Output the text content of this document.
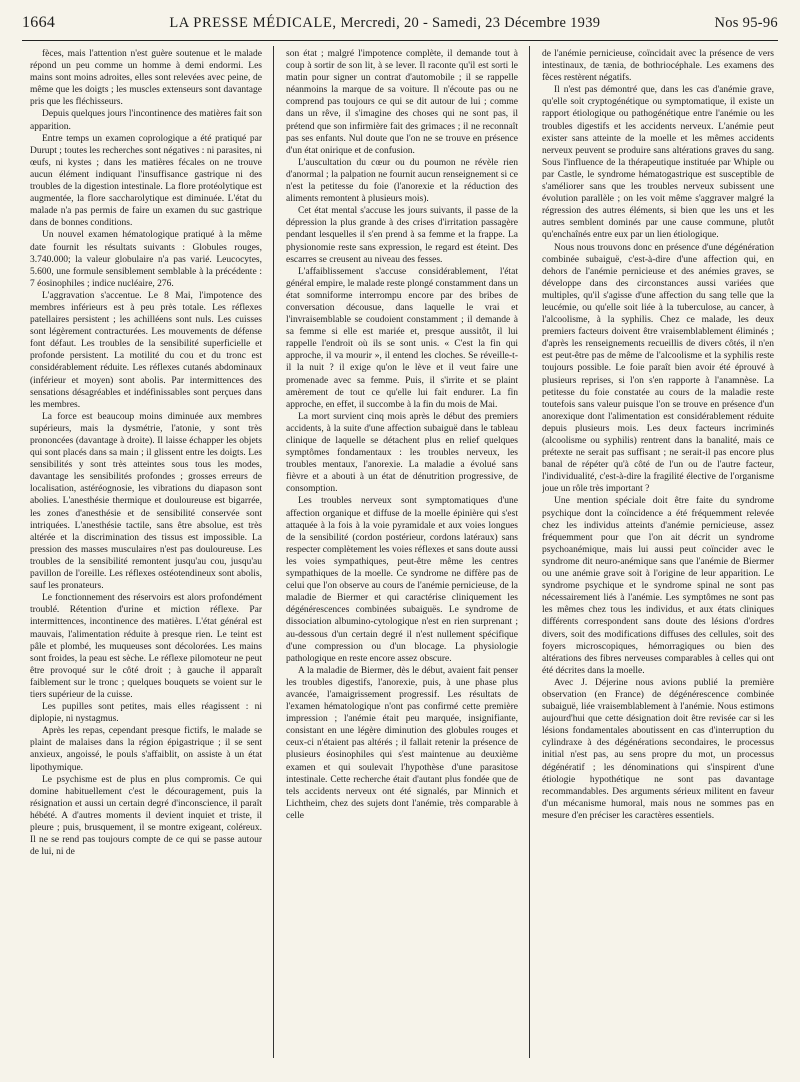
1664	LA PRESSE MÉDICALE, Mercredi, 20 - Samedi, 23 Décembre 1939	Nos 95-96

fèces, mais l'attention n'est guère soutenue et le malade répond un peu comme un homme à demi endormi. Les mains sont moins adroites, elles sont relevées avec peine, de même que les doigts ; les muscles extenseurs sont davantage pris que les fléchisseurs.

Depuis quelques jours l'incontinence des matières fait son apparition.

Entre temps un examen coprologique a été pratiqué par Durupt ; toutes les recherches sont négatives : ni parasites, ni œufs, ni kystes ; dans les matières fécales on ne trouve aucun élément indiquant l'insuffisance gastrique ni des troubles de la digestion intestinale. La flore protéolytique est augmentée, la flore saccharolytique est diminuée. L'état du malade n'a pas permis de faire un examen du suc gastrique dans de bonnes conditions.

Un nouvel examen hématologique pratiqué à la même date fournit les résultats suivants : Globules rouges, 3.740.000; la valeur globulaire n'a pas varié. Leucocytes, 5.600, une formule sensiblement semblable à la précédente : 7 éosinophiles ; indice nucléaire, 276.

L'aggravation s'accentue. Le 8 Mai, l'impotence des membres inférieurs est à peu près totale. Les réflexes patellaires persistent ; les achilléens sont nuls. Les cuisses sont légèrement contracturées. Les mouvements de défense font défaut. Les troubles de la sensibilité superficielle et profonde persistent. La motilité du cou et du tronc est considérablement réduite. Les réflexes cutanés abdominaux (inférieur et moyen) sont abolis. Par intermittences des sensations désagréables et indéfinissables sont perçues dans les membres.

La force est beaucoup moins diminuée aux membres supérieurs, mais la dysmétrie, l'atonie, y sont très prononcées (davantage à droite). Il laisse échapper les objets qui sont placés dans sa main ; il glissent entre les doigts. Les sensibilités y sont très atteintes sous tous les modes, davantage les sensibilités profondes ; grosses erreurs de localisation, astéréognosie, les vibrations du diapason sont abolies. L'anesthésie thermique et douloureuse est bigarrée, les zones d'anesthésie et de sensibilité conservée sont intriquées. L'anesthésie tactile, sans être absolue, est très altérée et la discrimination des tissus est impossible. La pression des masses musculaires n'est pas douloureuse. Les troubles de la sensibilité remontent jusqu'au cou, jusqu'au pavillon de l'oreille. Les réflexes ostéotendineux sont abolis, sauf les pronateurs.

Le fonctionnement des réservoirs est alors profondément troublé. Rétention d'urine et miction réflexe. Par intermittences, incontinence des matières. L'état général est mauvais, l'alimentation réduite à presque rien. Le teint est pâle et plombé, les muqueuses sont décolorées. Les mains sont froides, la peau est sèche. Le réflexe pilomoteur ne peut être provoqué sur le côté droit ; à gauche il apparaît faiblement sur le tronc ; quelques bouquets se voient sur le tiers supérieur de la cuisse.

Les pupilles sont petites, mais elles réagissent : ni diplopie, ni nystagmus.

Après les repas, cependant presque fictifs, le malade se plaint de malaises dans la région épigastrique ; il se sent anxieux, angoissé, le pouls s'affaiblit, on assiste à un état lipothymique.

Le psychisme est de plus en plus compromis. Ce qui domine habituellement c'est le découragement, puis la résignation et aussi un certain degré d'inconscience, il paraît hébété. A d'autres moments il devient inquiet et triste, il pleure ; puis, brusquement, il se montre exigeant, coléreux. Il ne se rend pas toujours compte de ce qui se passe autour de lui, ni de

son état ; malgré l'impotence complète, il demande tout à coup à sortir de son lit, à se lever. Il raconte qu'il est sorti le matin pour signer un contrat d'automobile ; il se rappelle néanmoins la marque de sa voiture. Il n'écoute pas ou ne comprend pas toujours ce qui se dit autour de lui ; comme dans un rêve, il s'imagine des choses qui ne sont pas, il prétend que son infirmière fait des grimaces ; il ne reconnaît pas ses enfants. Nul doute que l'on ne se trouve en présence d'un état onirique et de confusion.

L'auscultation du cœur ou du poumon ne révèle rien d'anormal ; la palpation ne fournit aucun renseignement si ce n'est la petitesse du foie (l'anorexie et la réduction des aliments remontent à plusieurs mois).

Cet état mental s'accuse les jours suivants, il passe de la dépression la plus grande à des crises d'irritation passagère pendant lesquelles il s'en prend à sa femme et la frappe. La physionomie reste sans expression, le regard est éteint. Des escarres se creusent au niveau des fesses.

L'affaiblissement s'accuse considérablement, l'état général empire, le malade reste plongé constamment dans un état somniforme interrompu encore par des bribes de conversation décousue, dans laquelle le vrai et l'invraisemblable se coudoient constamment ; il demande à sa femme si elle est mariée et, presque aussitôt, il lui rappelle l'endroit où ils se sont unis. « C'est la fin qui approche, il va mourir », il entend les cloches. Se réveille-t-il la nuit ? il exige qu'on le lève et il veut faire une promenade avec sa femme. Puis, il s'irrite et se plaint amèrement de tout ce qu'elle lui fait endurer. La fin approche, en effet, il succombe à la fin du mois de Mai.

La mort survient cinq mois après le début des premiers accidents, à la suite d'une affection subaiguë dans le tableau clinique de laquelle se détachent plus en relief quelques symptômes fondamentaux : les troubles nerveux, les troubles mentaux, l'anorexie. La maladie a évolué sans fièvre et a abouti à un état de dénutrition progressive, de consomption.

Les troubles nerveux sont symptomatiques d'une affection organique et diffuse de la moelle épinière qui s'est attaquée à la fois à la voie pyramidale et aux voies longues de la sensibilité (cordon postérieur, cordons latéraux) sans respecter complètement les voies réflexes et sans doute aussi les voies sympathiques, peut-être même les centres sympathiques de la moelle. Ce syndrome ne diffère pas de celui que l'on observe au cours de l'anémie pernicieuse, de la maladie de Biermer et qui caractérise cliniquement les dégénérescences combinées subaiguës. Le syndrome de dissociation albumino-cytologique n'est en rien surprenant ; au-dessous d'un certain degré il n'est nullement spécifique d'une compression ou d'un blocage. La physiologie pathologique en reste encore assez obscure.

A la maladie de Biermer, dès le début, avaient fait penser les troubles digestifs, l'anorexie, puis, à une phase plus avancée, l'amaigrissement progressif. Les résultats de l'examen hématologique n'ont pas confirmé cette première impression ; l'anémie était peu marquée, insignifiante, consistant en une légère diminution des globules rouges et ceux-ci n'étaient pas altérés ; il fallait retenir la présence de plusieurs éosinophiles qui s'est maintenue au deuxième examen et qui soulevait l'hypothèse d'une parasitose intestinale. Cette recherche était d'autant plus fondée que de tels accidents nerveux ont été signalés, par Minnich et Lichtheim, chez des sujets dont l'anémie, très comparable à celle

de l'anémie pernicieuse, coïncidait avec la présence de vers intestinaux, de tænia, de bothriocéphale. Les examens des fèces restèrent négatifs.

Il n'est pas démontré que, dans les cas d'anémie grave, qu'elle soit cryptogénétique ou symptomatique, il existe un rapport étiologique ou pathogénétique entre l'anémie ou les troubles digestifs et les accidents nerveux. L'anémie peut exister sans atteinte de la moelle et les mêmes accidents nerveux peuvent se produire sans altérations graves du sang. Sous l'influence de la thérapeutique instituée par Whiple ou par Castle, le syndrome hématogastrique est susceptible de s'améliorer sans que les troubles nerveux subissent une évolution parallèle ; on les voit même s'aggraver malgré la régression des autres éléments, si bien que les uns et les autres semblent dominés par une cause commune, plutôt qu'enchaînés entre eux par un lien étiologique.

Nous nous trouvons donc en présence d'une dégénération combinée subaiguë, c'est-à-dire d'une affection qui, en dehors de l'anémie pernicieuse et des anémies graves, se développe dans des circonstances aussi variées que multiples, qu'il s'agisse d'une affection du sang telle que la leucémie, ou qu'elle soit liée à la tuberculose, au cancer, à l'alcoolisme, à la syphilis. Chez ce malade, les deux premiers facteurs doivent être vraisemblablement éliminés ; d'après les renseignements recueillis de divers côtés, il n'en est peut-être pas de même de l'alcoolisme et la syphilis reste toujours possible. Le foie paraît bien avoir été éprouvé à plusieurs reprises, si l'on s'en rapporte à l'anamnèse. La petitesse du foie constatée au cours de la maladie reste toutefois sans valeur puisque l'on se trouve en présence d'un anorexique dont l'alimentation est considérablement réduite depuis plusieurs mois. Les deux facteurs incriminés (alcoolisme ou syphilis) rentrent dans la banalité, mais ce prétexte ne serait pas suffisant ; ne serait-il pas encore plus banal de répéter qu'à côté de l'un ou de l'autre facteur, l'individualité, c'est-à-dire la fragilité élective de l'organisme joue un rôle très important ?

Une mention spéciale doit être faite du syndrome psychique dont la coïncidence a été fréquemment relevée chez les individus atteints d'anémie pernicieuse, assez fréquemment pour que l'on ait décrit un syndrome psychoanémique, mais lui aussi peut coïncider avec le syndrome dit neuro-anémique sans que l'anémie de Biermer ou une anémie grave soit à l'origine de leur apparition. Le syndrome psychique et le syndrome spinal ne sont pas nécessairement liés à l'anémie. Les symptômes ne sont pas les mêmes chez tous les individus, et aux états cliniques différents correspondent sans doute des lésions d'ordres divers, soit des modifications diffuses des cellules, soit des foyers microscopiques, hémorragiques ou bien des altérations des fibres nerveuses comparables à celles qui ont été décrites dans la moelle.

Avec J. Déjerine nous avions publié la première observation (en France) de dégénérescence combinée subaiguë, liée vraisemblablement à l'anémie. Nous estimons aujourd'hui que cette désignation doit être revisée car si les lésions fondamentales aboutissent en cas d'interruption du cylindraxe à des dégénérations secondaires, le processus initial n'est pas, au sens propre du mot, un processus dégénératif ; les dénominations qui s'inspirent d'une étiologie hypothétique ne sont pas davantage recommandables. Des arguments sérieux militent en faveur d'un mécanisme humoral, mais nous ne sommes pas en mesure d'en préciser les caractères essentiels.
